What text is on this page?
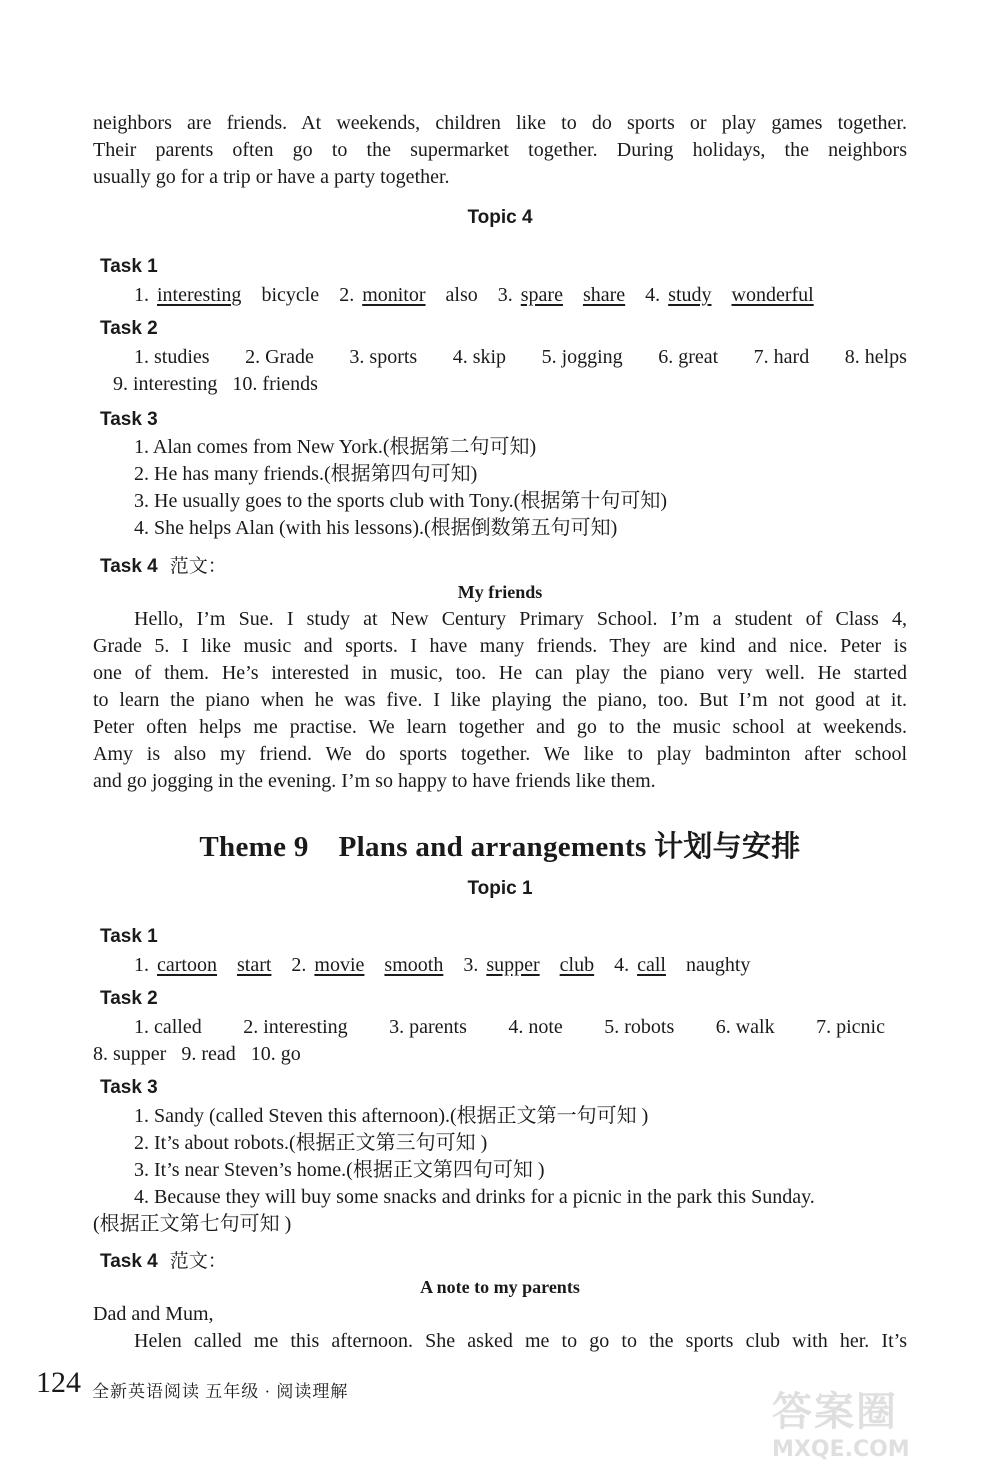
neighbors are friends. At weekends, children like to do sports or play games together.
Their parents often go to the supermarket together. During holidays, the neighbors
usually go for a trip or have a party together.
Topic 4
Task 1
1. interesting bicycle 2. monitor also 3. spare share 4. study wonderful
Task 2
1. studies 2. Grade 3. sports 4. skip 5. jogging 6. great 7. hard 8. helps
9. interesting   10. friends
Task 3
1. Alan comes from New York.(根据第二句可知)
2. He has many friends.(根据第四句可知)
3. He usually goes to the sports club with Tony.(根据第十句可知)
4. She helps Alan (with his lessons).(根据倒数第五句可知)
Task 4 范文：
My friends
Hello, I’m Sue. I study at New Century Primary School. I’m a student of Class 4,
Grade 5. I like music and sports. I have many friends. They are kind and nice. Peter is
one of them. He’s interested in music, too. He can play the piano very well. He started
to learn the piano when he was five. I like playing the piano, too. But I’m not good at it.
Peter often helps me practise. We learn together and go to the music school at weekends.
Amy is also my friend. We do sports together. We like to play badminton after school
and go jogging in the evening. I’m so happy to have friends like them.
Theme 9 Plans and arrangements 计划与安排
Topic 1
Task 1
1. cartoon start 2. movie smooth 3. supper club 4. call naughty
Task 2
1. called 2. interesting 3. parents 4. note 5. robots 6. walk 7. picnic
8. supper   9. read   10. go
Task 3
1. Sandy (called Steven this afternoon).(根据正文第一句可知 )
2. It’s about robots.(根据正文第三句可知 )
3. It’s near Steven’s home.(根据正文第四句可知 )
4. Because they will buy some snacks and drinks for a picnic in the park this Sunday.
(根据正文第七句可知 )
Task 4 范文：
A note to my parents
Dad and Mum,
Helen called me this afternoon. She asked me to go to the sports club with her. It’s
124 全新英语阅读 五年级 · 阅读理解	答案圈
MXQE.COM
